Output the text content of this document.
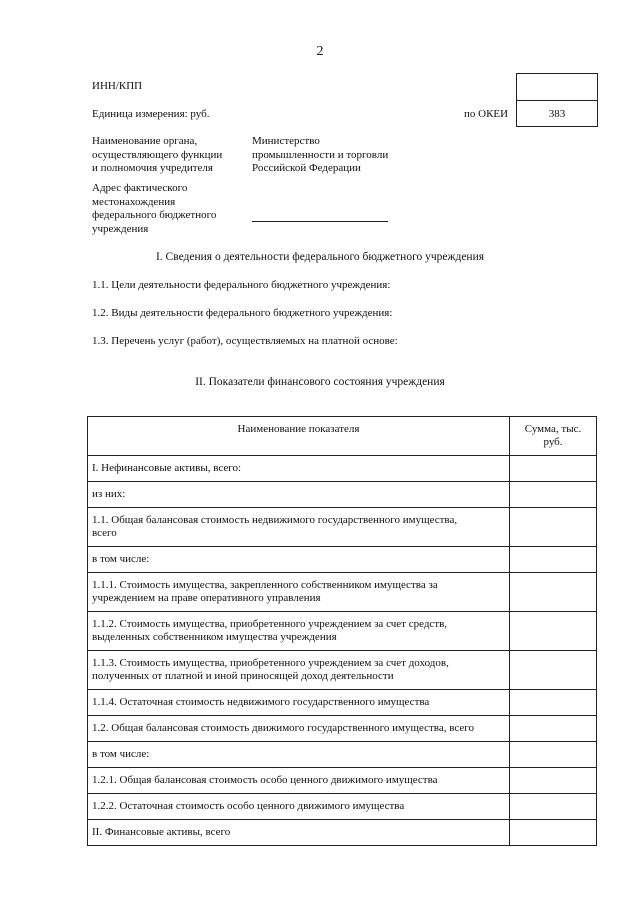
2
ИНН/КПП
Единица измерения: руб.	по ОКЕИ	383
Наименование органа,
осуществляющего функции
и полномочия учредителя
Министерство
промышленности и торговли
Российской Федерации
Адрес фактического
местонахождения
федерального бюджетного
учреждения
I. Сведения о деятельности федерального бюджетного учреждения
1.1. Цели деятельности федерального бюджетного учреждения:
1.2. Виды деятельности федерального бюджетного учреждения:
1.3. Перечень услуг (работ), осуществляемых на платной основе:
II. Показатели финансового состояния учреждения
Наименование показателя	Сумма, тыс.
руб.

I. Нефинансовые активы, всего:	
из них:	

1.1. Общая балансовая стоимость недвижимого государственного имущества,
всего	

в том числе:	

1.1.1. Стоимость имущества, закрепленного собственником имущества за
учреждением на праве оперативного управления	

1.1.2. Стоимость имущества, приобретенного учреждением за счет средств,
выделенных собственником имущества учреждения	

1.1.3. Стоимость имущества, приобретенного учреждением за счет доходов,
полученных от платной и иной приносящей доход деятельности	

1.1.4. Остаточная стоимость недвижимого государственного имущества	
1.2. Общая балансовая стоимость движимого государственного имущества, всего	
в том числе:	
1.2.1. Общая балансовая стоимость особо ценного движимого имущества	
1.2.2. Остаточная стоимость особо ценного движимого имущества	
II. Финансовые активы, всего	
